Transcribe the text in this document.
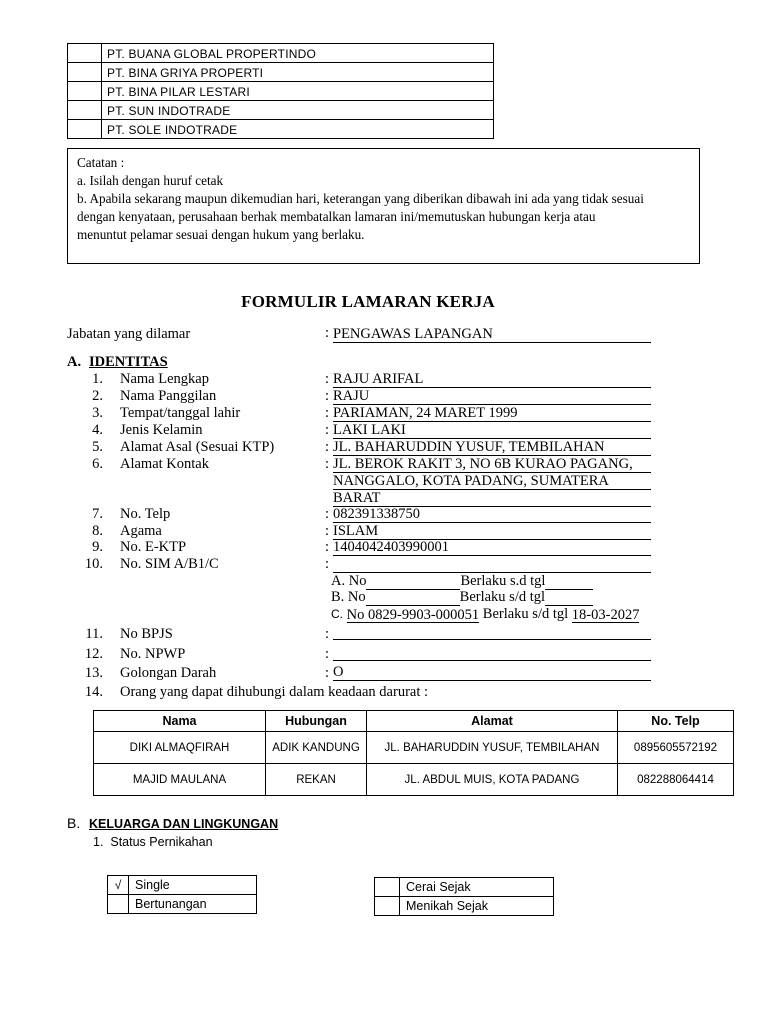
	PT. BUANA GLOBAL PROPERTINDO
	PT. BINA GRIYA PROPERTI
	PT. BINA PILAR LESTARI
	PT. SUN INDOTRADE
	PT. SOLE INDOTRADE
Catatan :
a. Isilah dengan huruf cetak
b. Apabila sekarang maupun dikemudian hari, keterangan yang diberikan dibawah ini ada yang tidak sesuai
dengan kenyataan, perusahaan berhak membatalkan lamaran ini/memutuskan hubungan kerja atau
menuntut pelamar sesuai dengan hukum yang berlaku.
FORMULIR LAMARAN KERJA
Jabatan yang dilamar	: PENGAWAS LAPANGAN
A. IDENTITAS
1. Nama Lengkap	: RAJU ARIFAL
2. Nama Panggilan	: RAJU
3. Tempat/tanggal lahir	: PARIAMAN, 24 MARET 1999
4. Jenis Kelamin	: LAKI LAKI
5. Alamat Asal (Sesuai KTP)	: JL. BAHARUDDIN YUSUF, TEMBILAHAN
6. Alamat Kontak	: JL. BEROK RAKIT 3, NO 6B KURAO PAGANG,
NANGGALO, KOTA PADANG, SUMATERA
BARAT
7. No. Telp	: 082391338750
8. Agama	: ISLAM
9. No. E-KTP	: 1404042403990001
10. No. SIM A/B1/C	:
A. No	Berlaku s.d tgl
B. No	Berlaku s/d tgl
C. No 0829-9903-000051 Berlaku s/d tgl 18-03-2027
11. No BPJS	:
12. No. NPWP	:
13. Golongan Darah	: O
14. Orang yang dapat dihubungi dalam keadaan darurat :
Nama	Hubungan	Alamat	No. Telp
DIKI ALMAQFIRAH	ADIK KANDUNG	JL. BAHARUDDIN YUSUF, TEMBILAHAN	0895605572192
MAJID MAULANA	REKAN	JL. ABDUL MUIS, KOTA PADANG	082288064414
B. KELUARGA DAN LINGKUNGAN
1.  Status Pernikahan
√	Single
	Bertunangan
	Cerai Sejak
	Menikah Sejak
